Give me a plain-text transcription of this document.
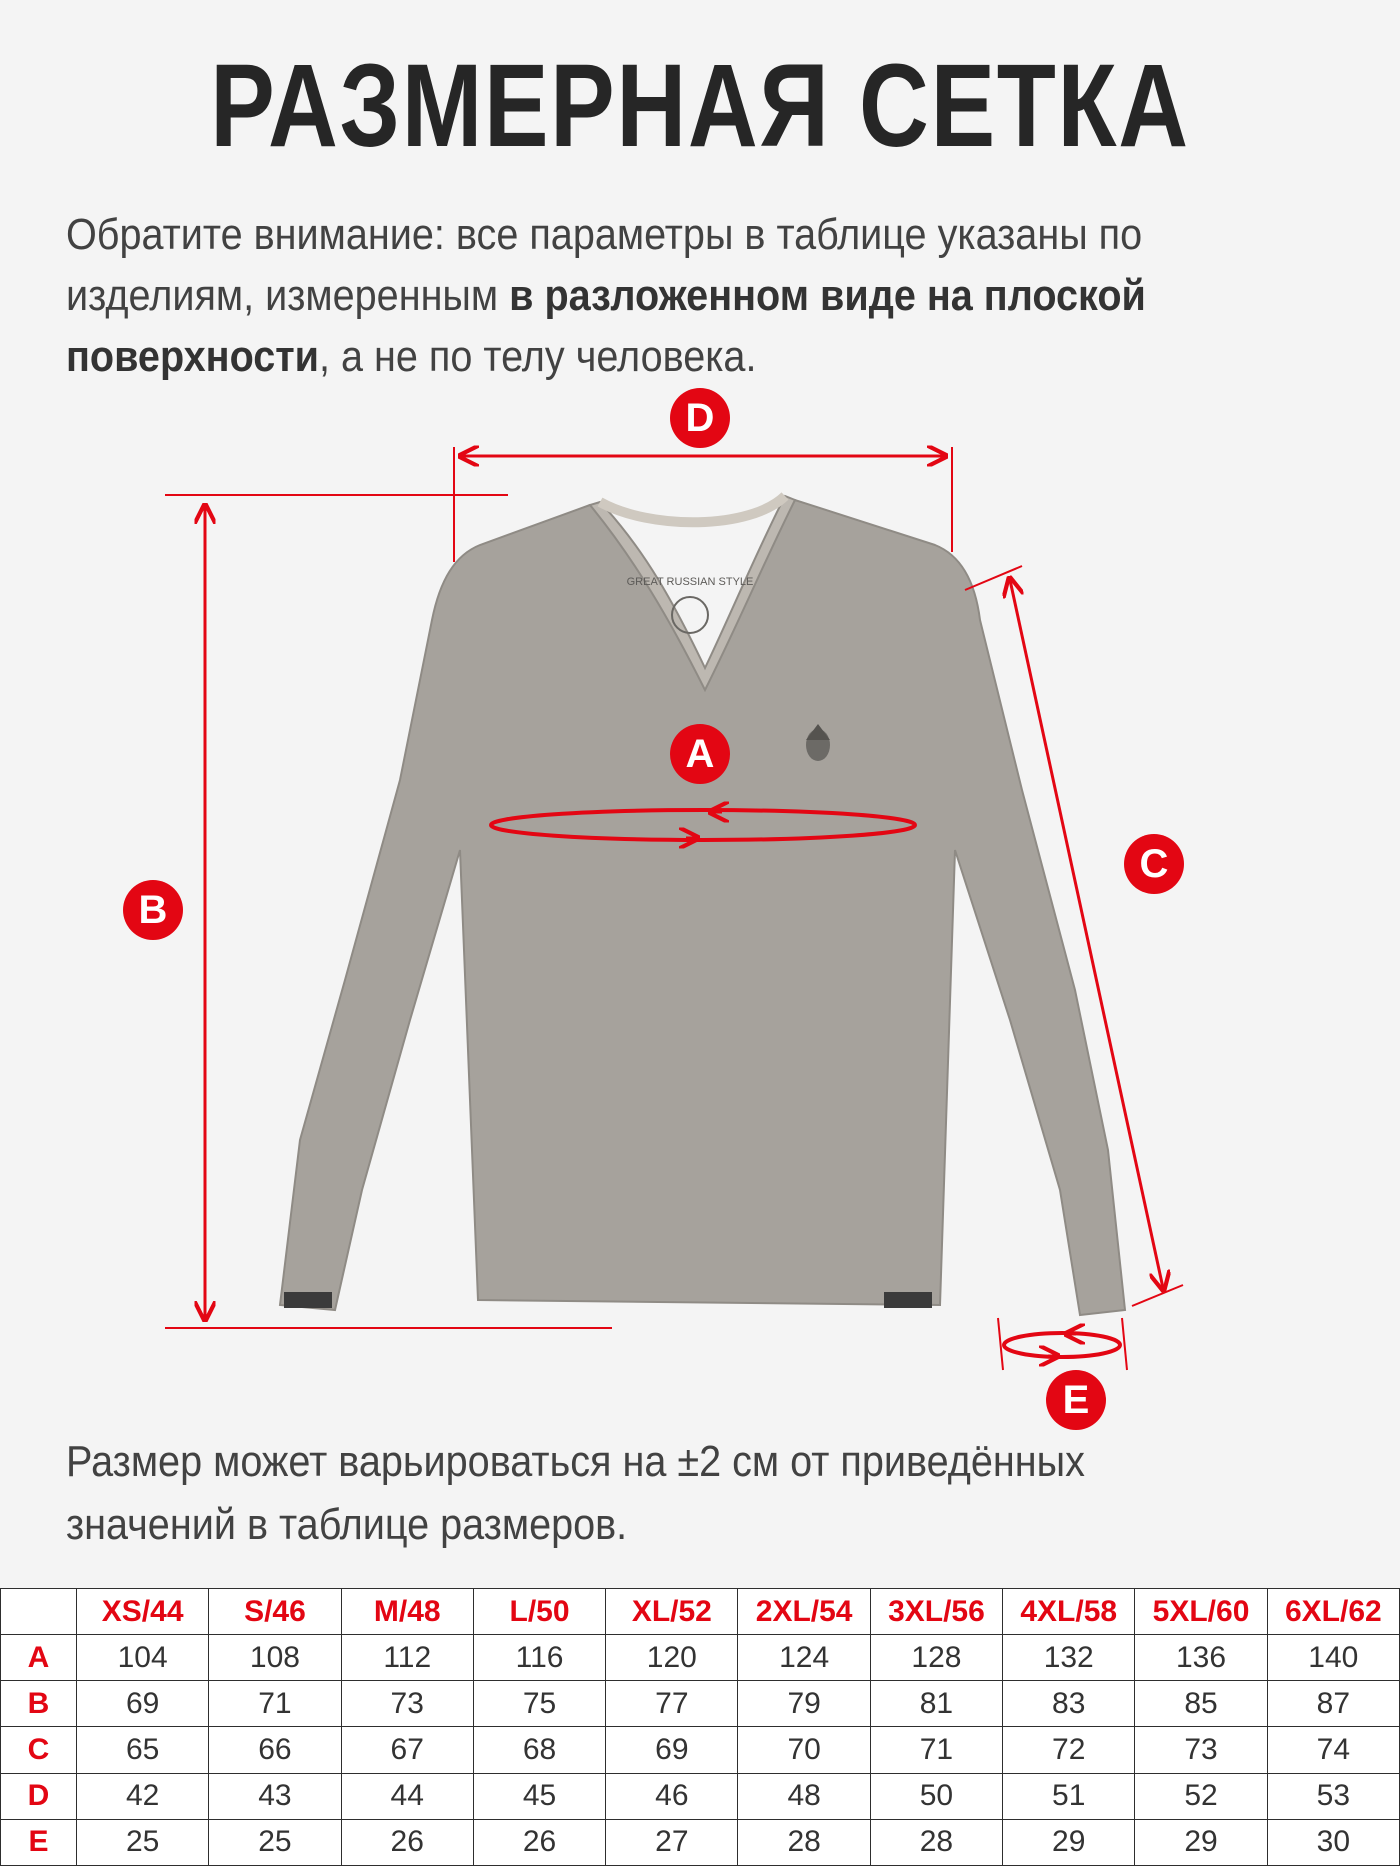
РАЗМЕРНАЯ СЕТКА
Обратите внимание: все параметры в таблице указаны по изделиям, измеренным в разложенном виде на плоской поверхности, а не по телу человека.
GREAT RUSSIAN STYLE
D
A
B
C
E
Размер может варьироваться на ±2 см от приведённых значений в таблице размеров.
	XS/44	S/46	M/48	L/50	XL/52	2XL/54	3XL/56	4XL/58	5XL/60	6XL/62
A	104	108	112	116	120	124	128	132	136	140
B	69	71	73	75	77	79	81	83	85	87
C	65	66	67	68	69	70	71	72	73	74
D	42	43	44	45	46	48	50	51	52	53
E	25	25	26	26	27	28	28	29	29	30
